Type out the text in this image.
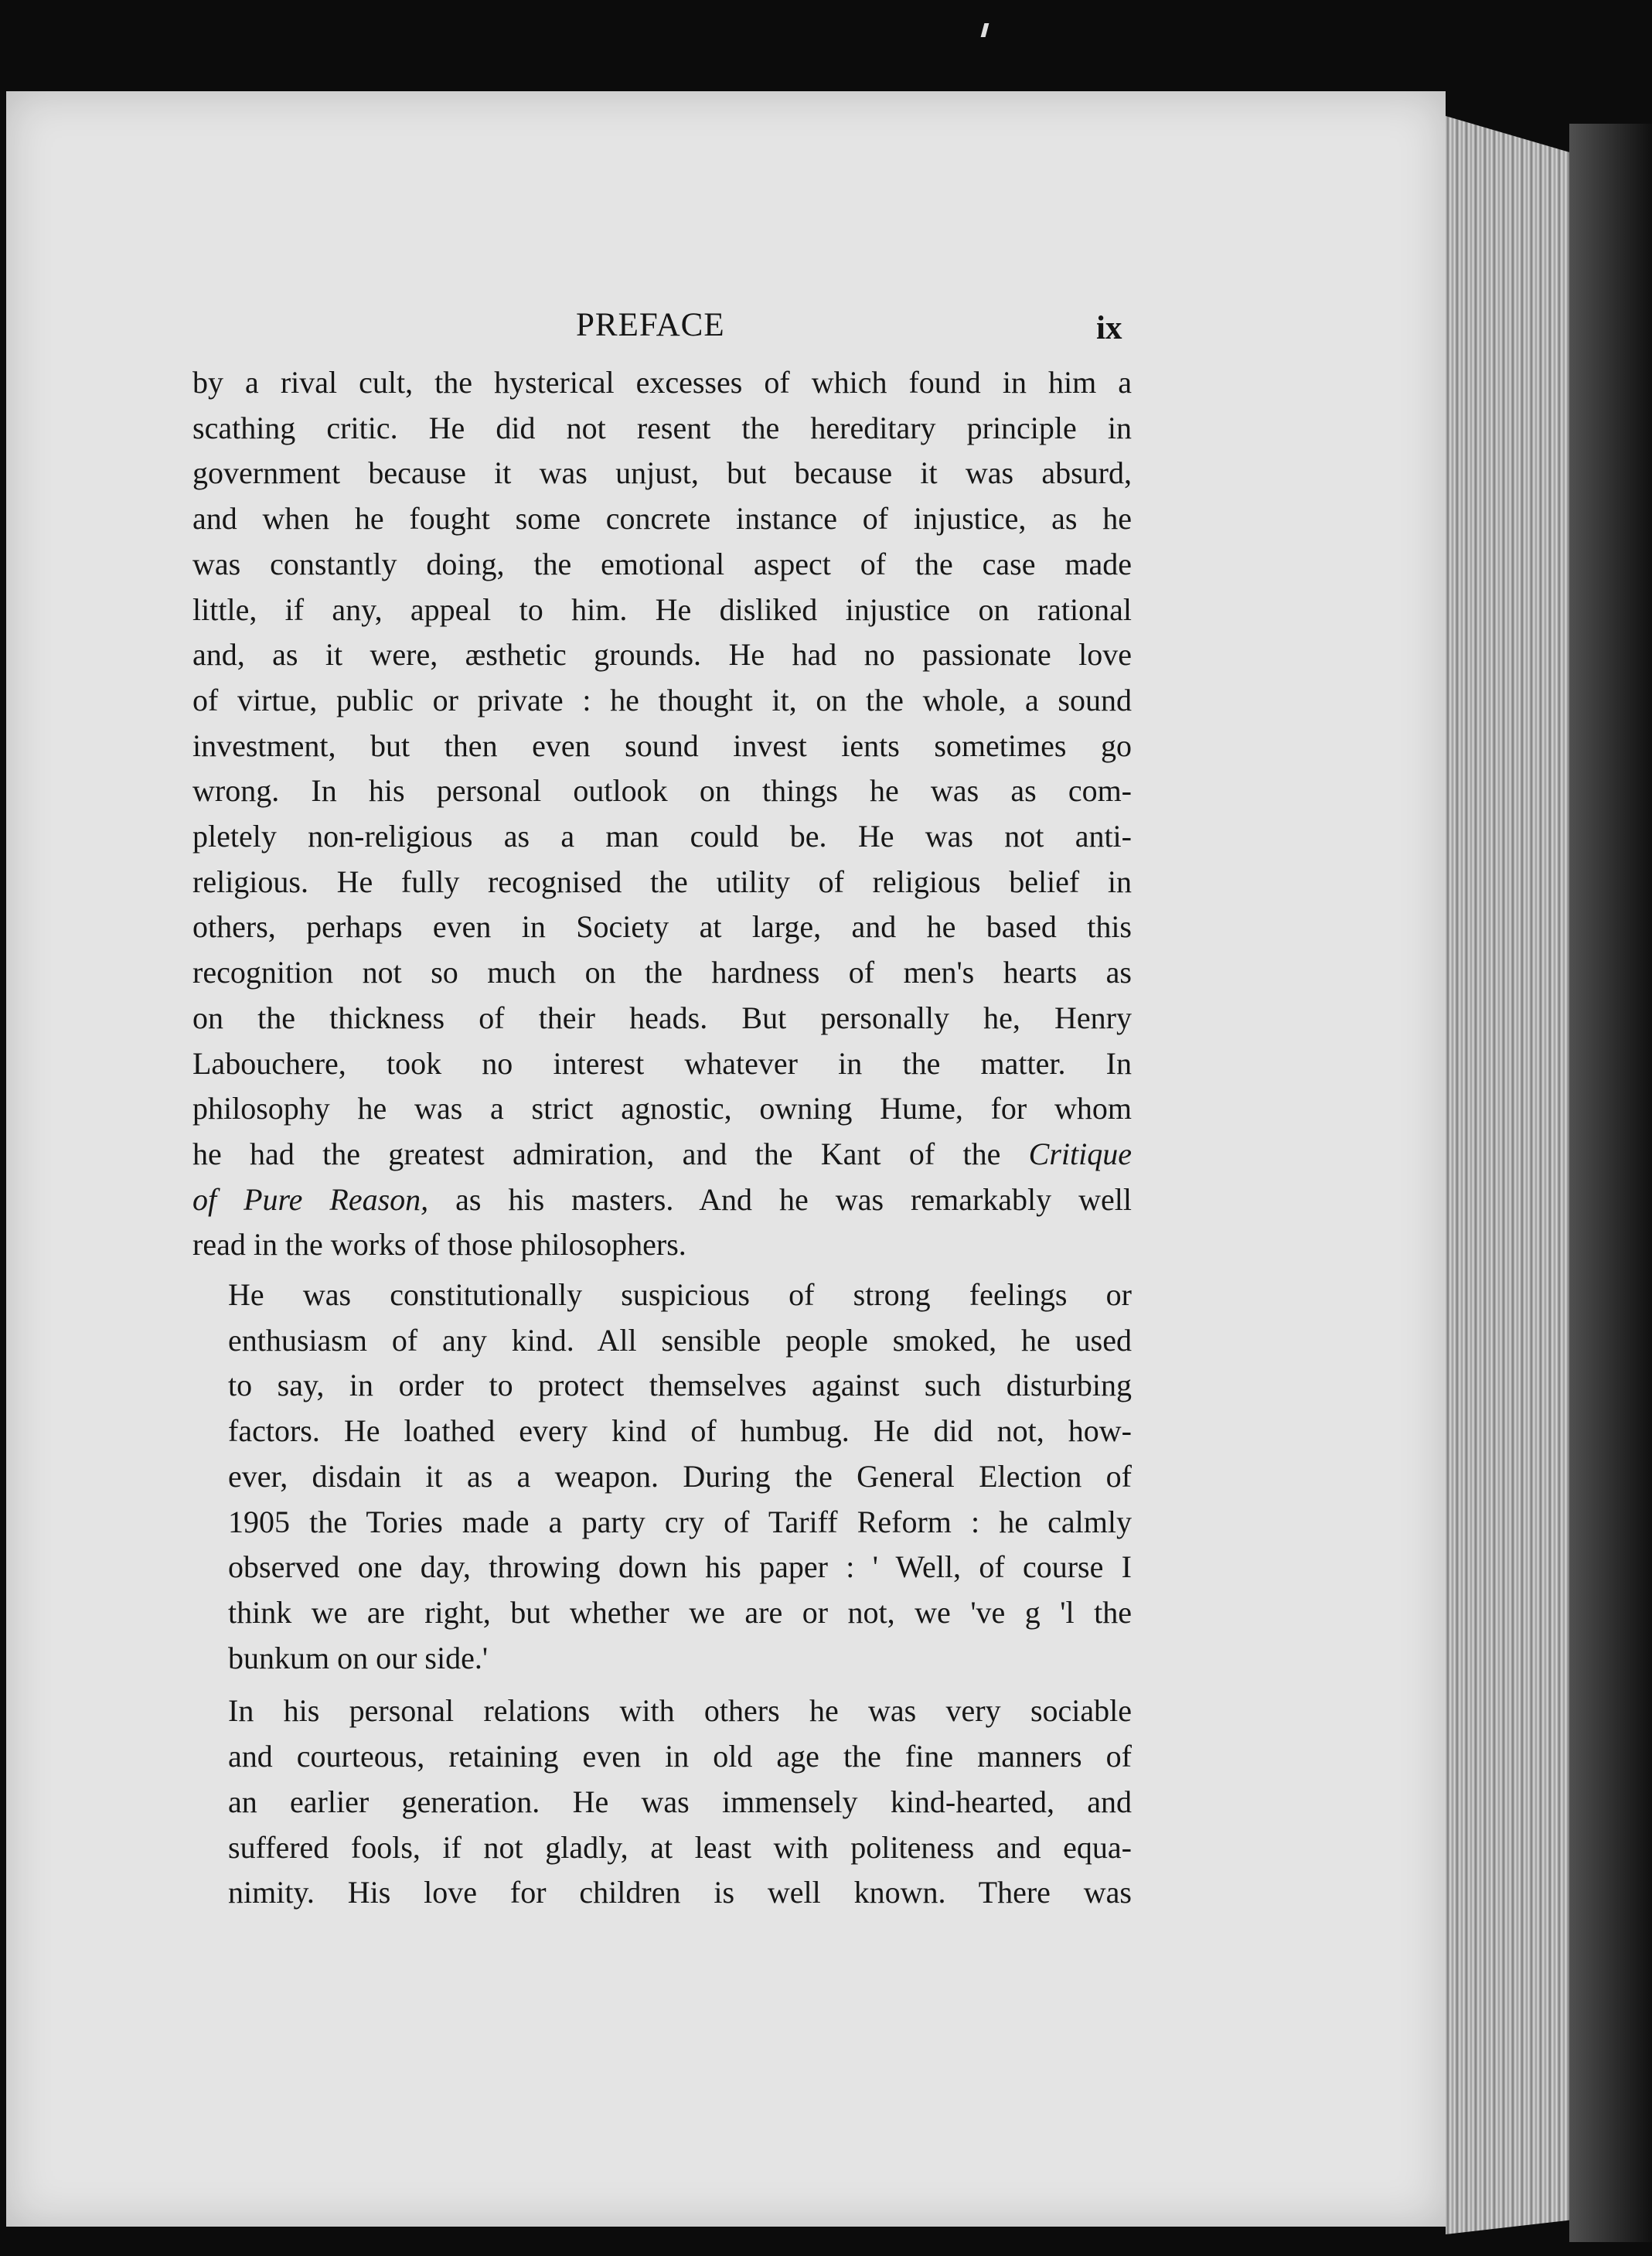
PREFACE	ix

by a rival cult, the hysterical excesses of which found in him a
scathing critic. He did not resent the hereditary principle in
government because it was unjust, but because it was absurd,
and when he fought some concrete instance of injustice, as he
was constantly doing, the emotional aspect of the case made
little, if any, appeal to him. He disliked injustice on rational
and, as it were, æsthetic grounds. He had no passionate love
of virtue, public or private : he thought it, on the whole, a sound
investment, but then even sound invest ients sometimes go
wrong. In his personal outlook on things he was as com-
pletely non-religious as a man could be. He was not anti-
religious. He fully recognised the utility of religious belief in
others, perhaps even in Society at large, and he based this
recognition not so much on the hardness of men's hearts as
on the thickness of their heads. But personally he, Henry
Labouchere, took no interest whatever in the matter. In
philosophy he was a strict agnostic, owning Hume, for whom
he had the greatest admiration, and the Kant of the Critique
of Pure Reason, as his masters. And he was remarkably well
read in the works of those philosophers.

He was constitutionally suspicious of strong feelings or
enthusiasm of any kind. All sensible people smoked, he used
to say, in order to protect themselves against such disturbing
factors. He loathed every kind of humbug. He did not, how-
ever, disdain it as a weapon. During the General Election of
1905 the Tories made a party cry of Tariff Reform : he calmly
observed one day, throwing down his paper : ' Well, of course I
think we are right, but whether we are or not, we 've g 'l the
bunkum on our side.'

In his personal relations with others he was very sociable
and courteous, retaining even in old age the fine manners of
an earlier generation. He was immensely kind-hearted, and
suffered fools, if not gladly, at least with politeness and equa-
nimity. His love for children is well known. There was
